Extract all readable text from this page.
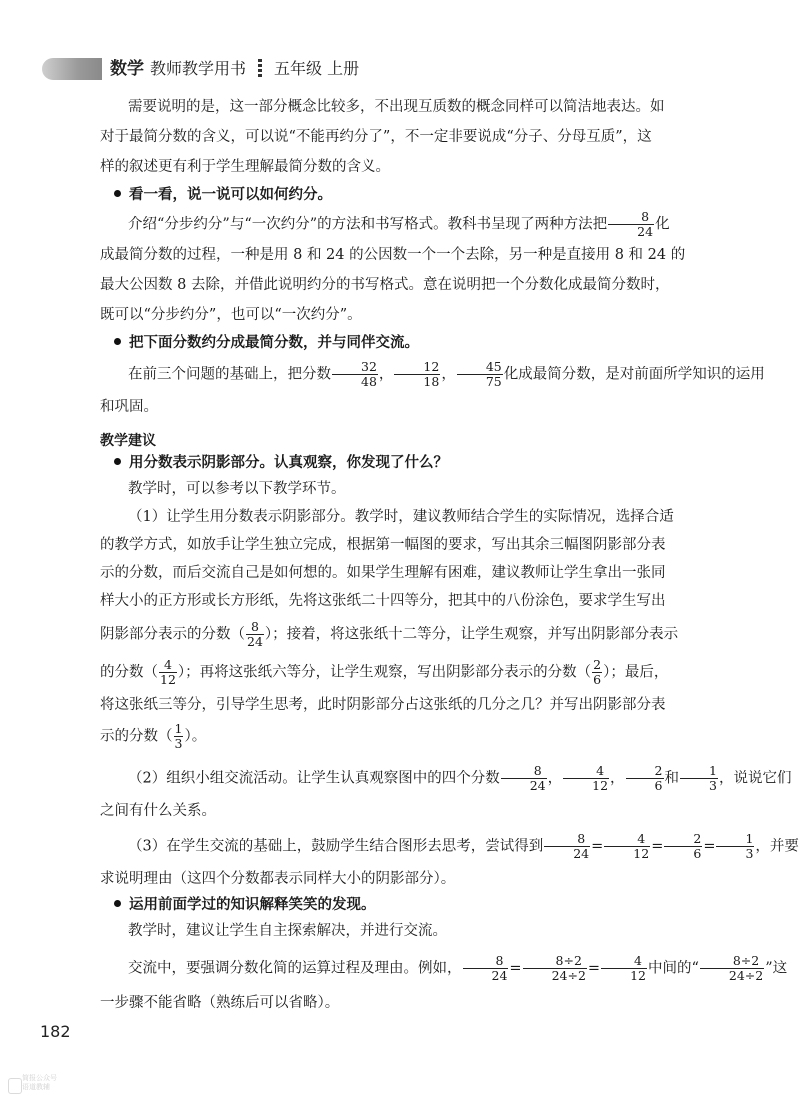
数学 教师教学用书 五年级 上册
需要说明的是，这一部分概念比较多，不出现互质数的概念同样可以简洁地表达。如
对于最简分数的含义，可以说“不能再约分了”，不一定非要说成“分子、分母互质”，这
样的叙述更有利于学生理解最简分数的含义。
看一看，说一说可以如何约分。
介绍“分步约分”与“一次约分”的方法和书写格式。教科书呈现了两种方法把 $\frac{8}{24}$ 化
成最简分数的过程，一种是用 8 和 24 的公因数一个一个去除，另一种是直接用 8 和 24 的
最大公因数 8 去除，并借此说明约分的书写格式。意在说明把一个分数化成最简分数时，
既可以“分步约分”，也可以“一次约分”。
把下面分数约分成最简分数，并与同伴交流。
在前三个问题的基础上，把分数 $\frac{32}{48}$ ， $\frac{12}{18}$ ， $\frac{45}{75}$ 化成最简分数，是对前面所学知识的运用
和巩固。
教学建议
用分数表示阴影部分。认真观察，你发现了什么？
教学时，可以参考以下教学环节。
（1）让学生用分数表示阴影部分。教学时，建议教师结合学生的实际情况，选择合适
的教学方式，如放手让学生独立完成，根据第一幅图的要求，写出其余三幅图阴影部分表
示的分数，而后交流自己是如何想的。如果学生理解有困难，建议教师让学生拿出一张同
样大小的正方形或长方形纸，先将这张纸二十四等分，把其中的八份涂色，要求学生写出
阴影部分表示的分数（ $\frac{8}{24}$ ）；接着，将这张纸十二等分，让学生观察，并写出阴影部分表示
的分数（ $\frac{4}{12}$ ）；再将这张纸六等分，让学生观察，写出阴影部分表示的分数（ $\frac{2}{6}$ ）；最后，
将这张纸三等分，引导学生思考，此时阴影部分占这张纸的几分之几？并写出阴影部分表
示的分数（ $\frac{1}{3}$ ）。
（2）组织小组交流活动。让学生认真观察图中的四个分数 $\frac{8}{24}$ ， $\frac{4}{12}$ ， $\frac{2}{6}$ 和 $\frac{1}{3}$ ，说说它们
之间有什么关系。
（3）在学生交流的基础上，鼓励学生结合图形去思考，尝试得到 $\frac{8}{24} = \frac{4}{12} = \frac{2}{6} = \frac{1}{3}$ ，并要
求说明理由（这四个分数都表示同样大小的阴影部分）。
运用前面学过的知识解释笑笑的发现。
教学时，建议让学生自主探索解决，并进行交流。
交流中，要强调分数化简的运算过程及理由。例如， $\frac{8}{24} = \frac{8\div 2}{24\div 2} = \frac{4}{12}$ 中间的“ $\frac{8\div 2}{24\div 2}$ ”这
一步骤不能省略（熟练后可以省略）。
182
简报公众号
语道教辅
